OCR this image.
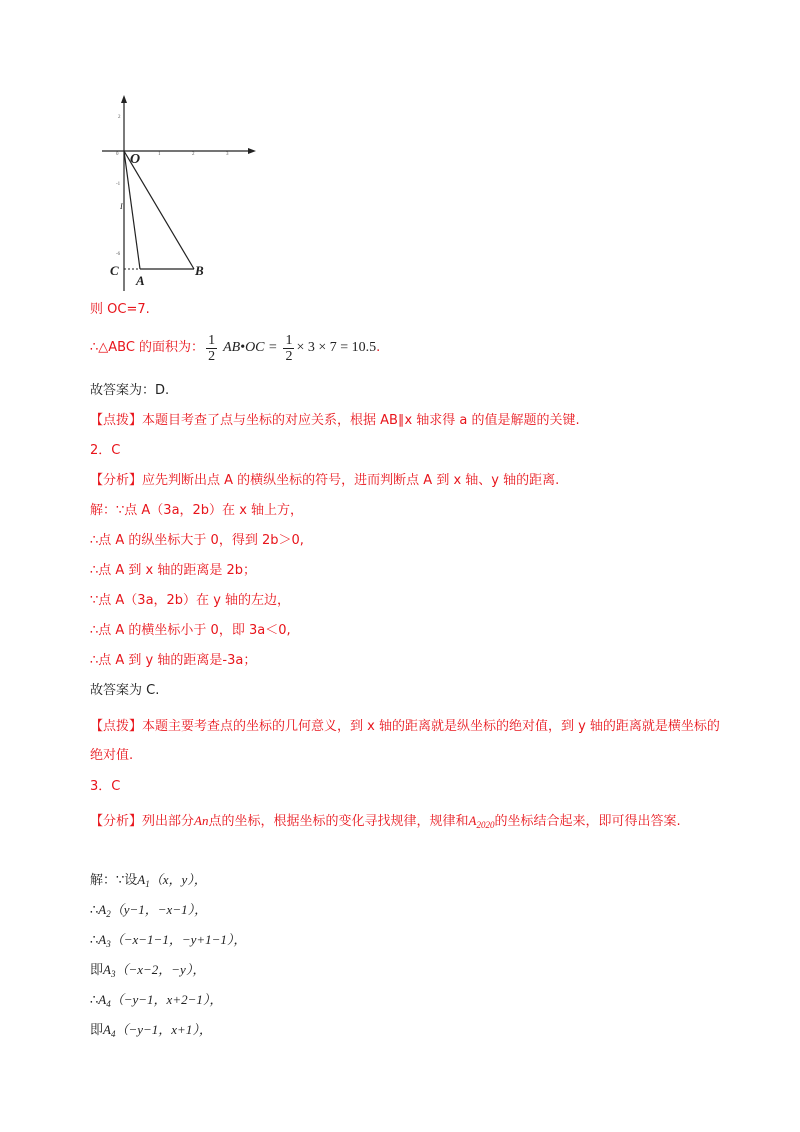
0	1	2	3
2
-1
-6
O
C
A
B
I
则 OC=7.
∴△ABC 的面积为： $\frac{1}{2}$ AB•OC = $\frac{1}{2} \times 3 \times 7 = 10.5$ .
故答案为：D.
【点拨】本题目考查了点与坐标的对应关系，根据 AB∥x 轴求得 a 的值是解题的关键.
2．C
【分析】应先判断出点 A 的横纵坐标的符号，进而判断点 A 到 x 轴、y 轴的距离.
解：∵点 A（3a，2b）在 x 轴上方，
∴点 A 的纵坐标大于 0，得到 2b＞0,
∴点 A 到 x 轴的距离是 2b；
∵点 A（3a，2b）在 y 轴的左边，
∴点 A 的横坐标小于 0，即 3a＜0,
∴点 A 到 y 轴的距离是-3a；
故答案为 C.
【点拨】本题主要考查点的坐标的几何意义，到 x 轴的距离就是纵坐标的绝对值，到 y 轴的距离就是横坐标的绝对值.
3．C
【分析】列出部分An点的坐标，根据坐标的变化寻找规律，规律和$A_{2020}$的坐标结合起来，即可得出答案.
解：∵设$A_1(x$，y），
$\therefore A_2(y-1$，−x−1），
$\therefore A_3(-x-1-1$，−y+1−1），
即$A_3(-x-2$，−y），
$\therefore A_4(-y-1$，x+2−1），
即$A_4(-y-1$，x+1），
